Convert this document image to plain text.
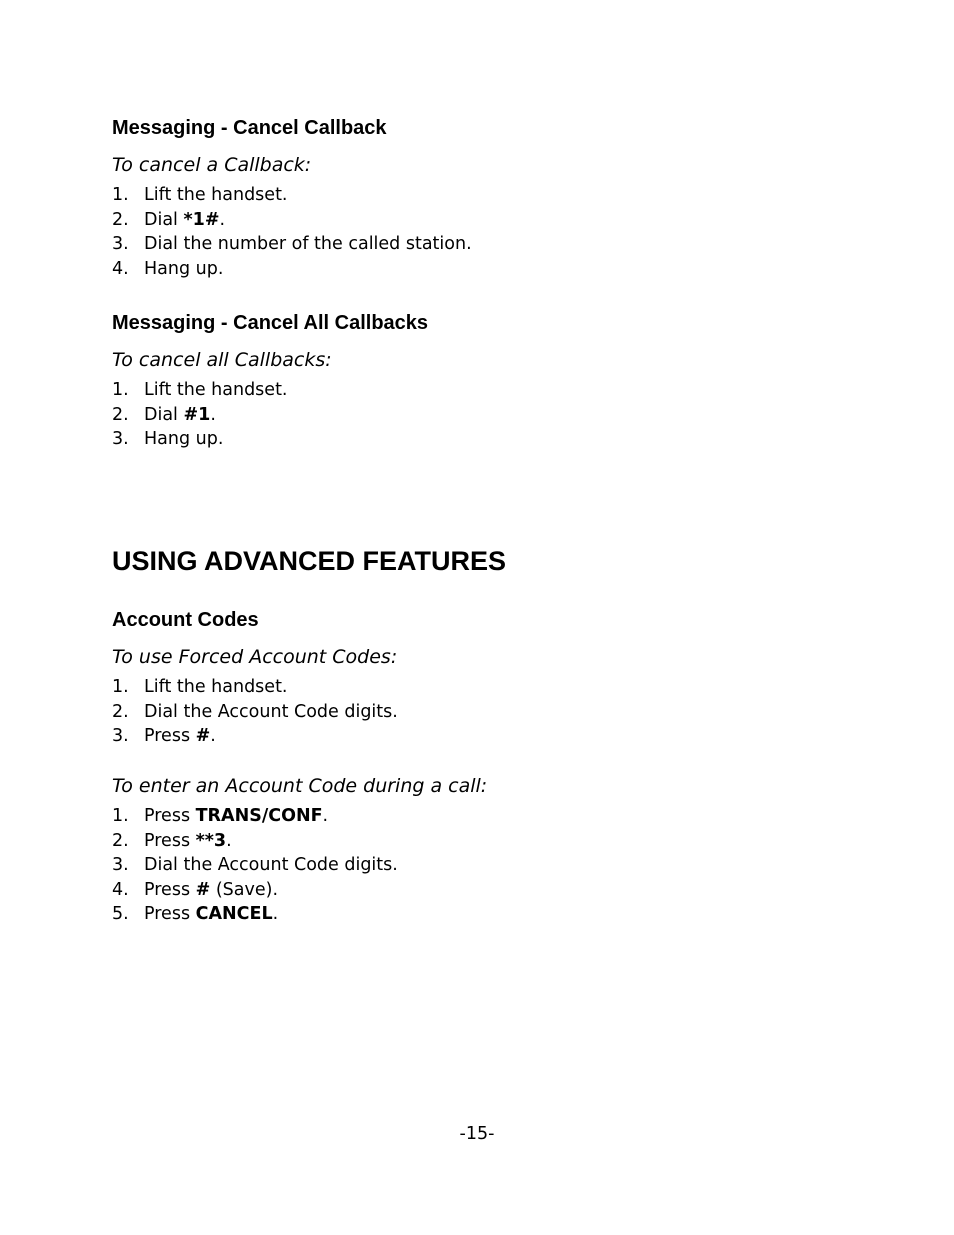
Messaging - Cancel Callback

To cancel a Callback:

1. Lift the handset.
2. Dial *1#.
3. Dial the number of the called station.
4. Hang up.
Messaging - Cancel All Callbacks

To cancel all Callbacks:

1. Lift the handset.
2. Dial #1.
3. Hang up.
USING ADVANCED FEATURES
Account Codes

To use Forced Account Codes:

1. Lift the handset.
2. Dial the Account Code digits.
3. Press #.

To enter an Account Code during a call:

1. Press TRANS/CONF.
2. Press **3.
3. Dial the Account Code digits.
4. Press # (Save).
5. Press CANCEL.
-15-
